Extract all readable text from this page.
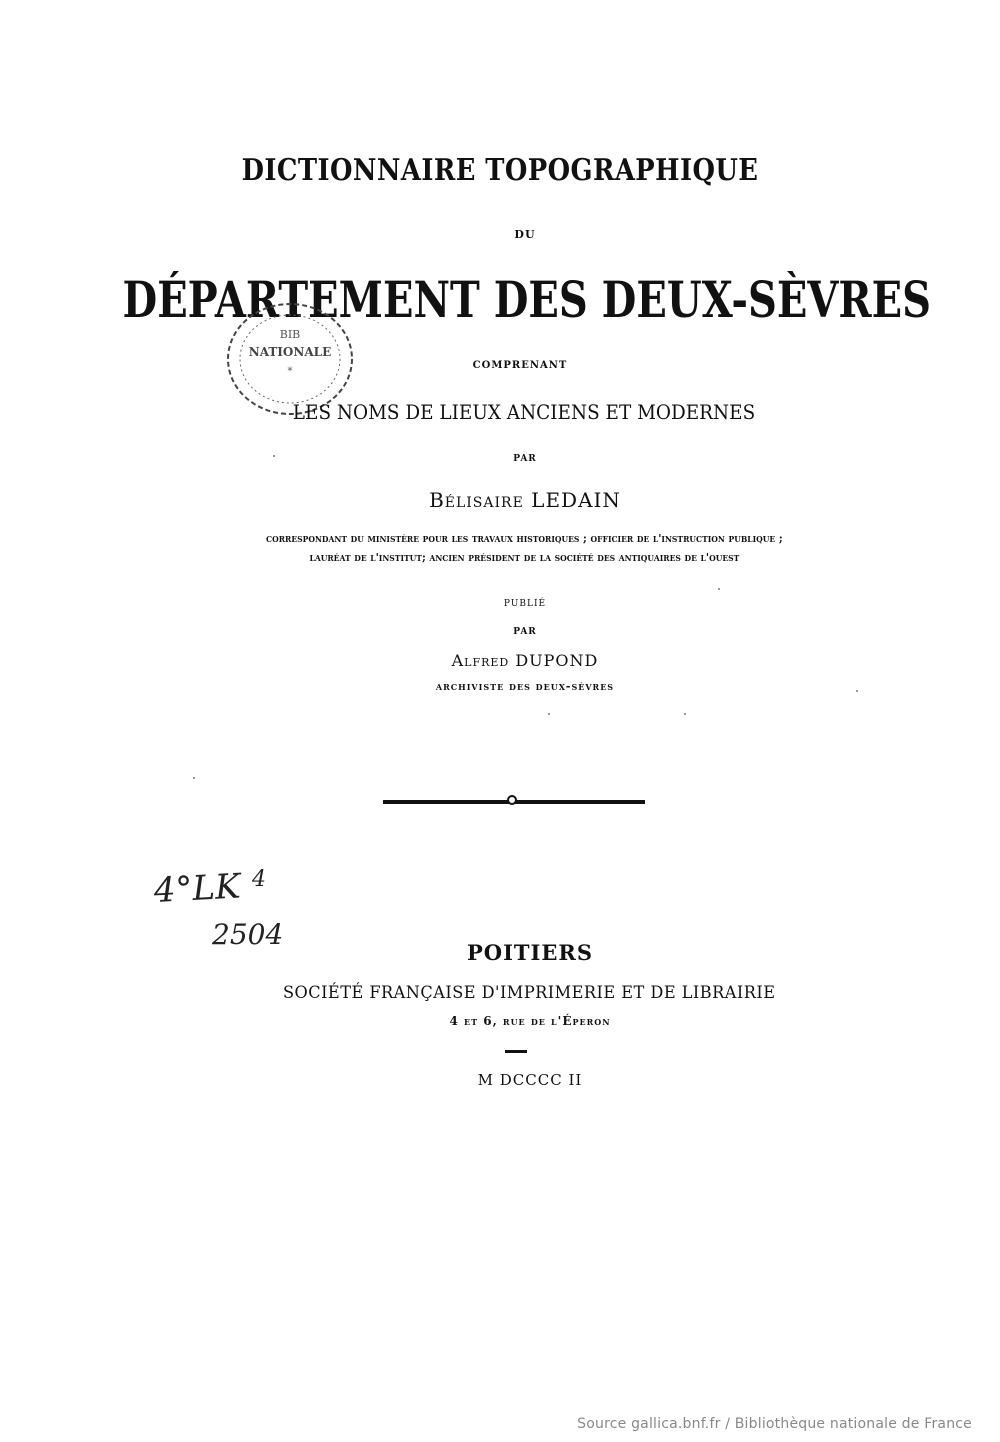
DICTIONNAIRE TOPOGRAPHIQUE
DU
DÉPARTEMENT DES DEUX-SÈVRES
BIB
NATIONALE
*
COMPRENANT
LES NOMS DE LIEUX ANCIENS ET MODERNES
PAR
Bélisaire LEDAIN
correspondant du ministère pour les travaux historiques ; officier de l'instruction publique ;
lauréat de l'institut; ancien président de la société des antiquaires de l'ouest
publié
PAR
Alfred DUPOND
archiviste des deux-sèvres
4°LK 4
2504
POITIERS
SOCIÉTÉ FRANÇAISE D'IMPRIMERIE ET DE LIBRAIRIE
4 et 6, rue de l'Éperon
M DCCCC II
Source gallica.bnf.fr / Bibliothèque nationale de France
